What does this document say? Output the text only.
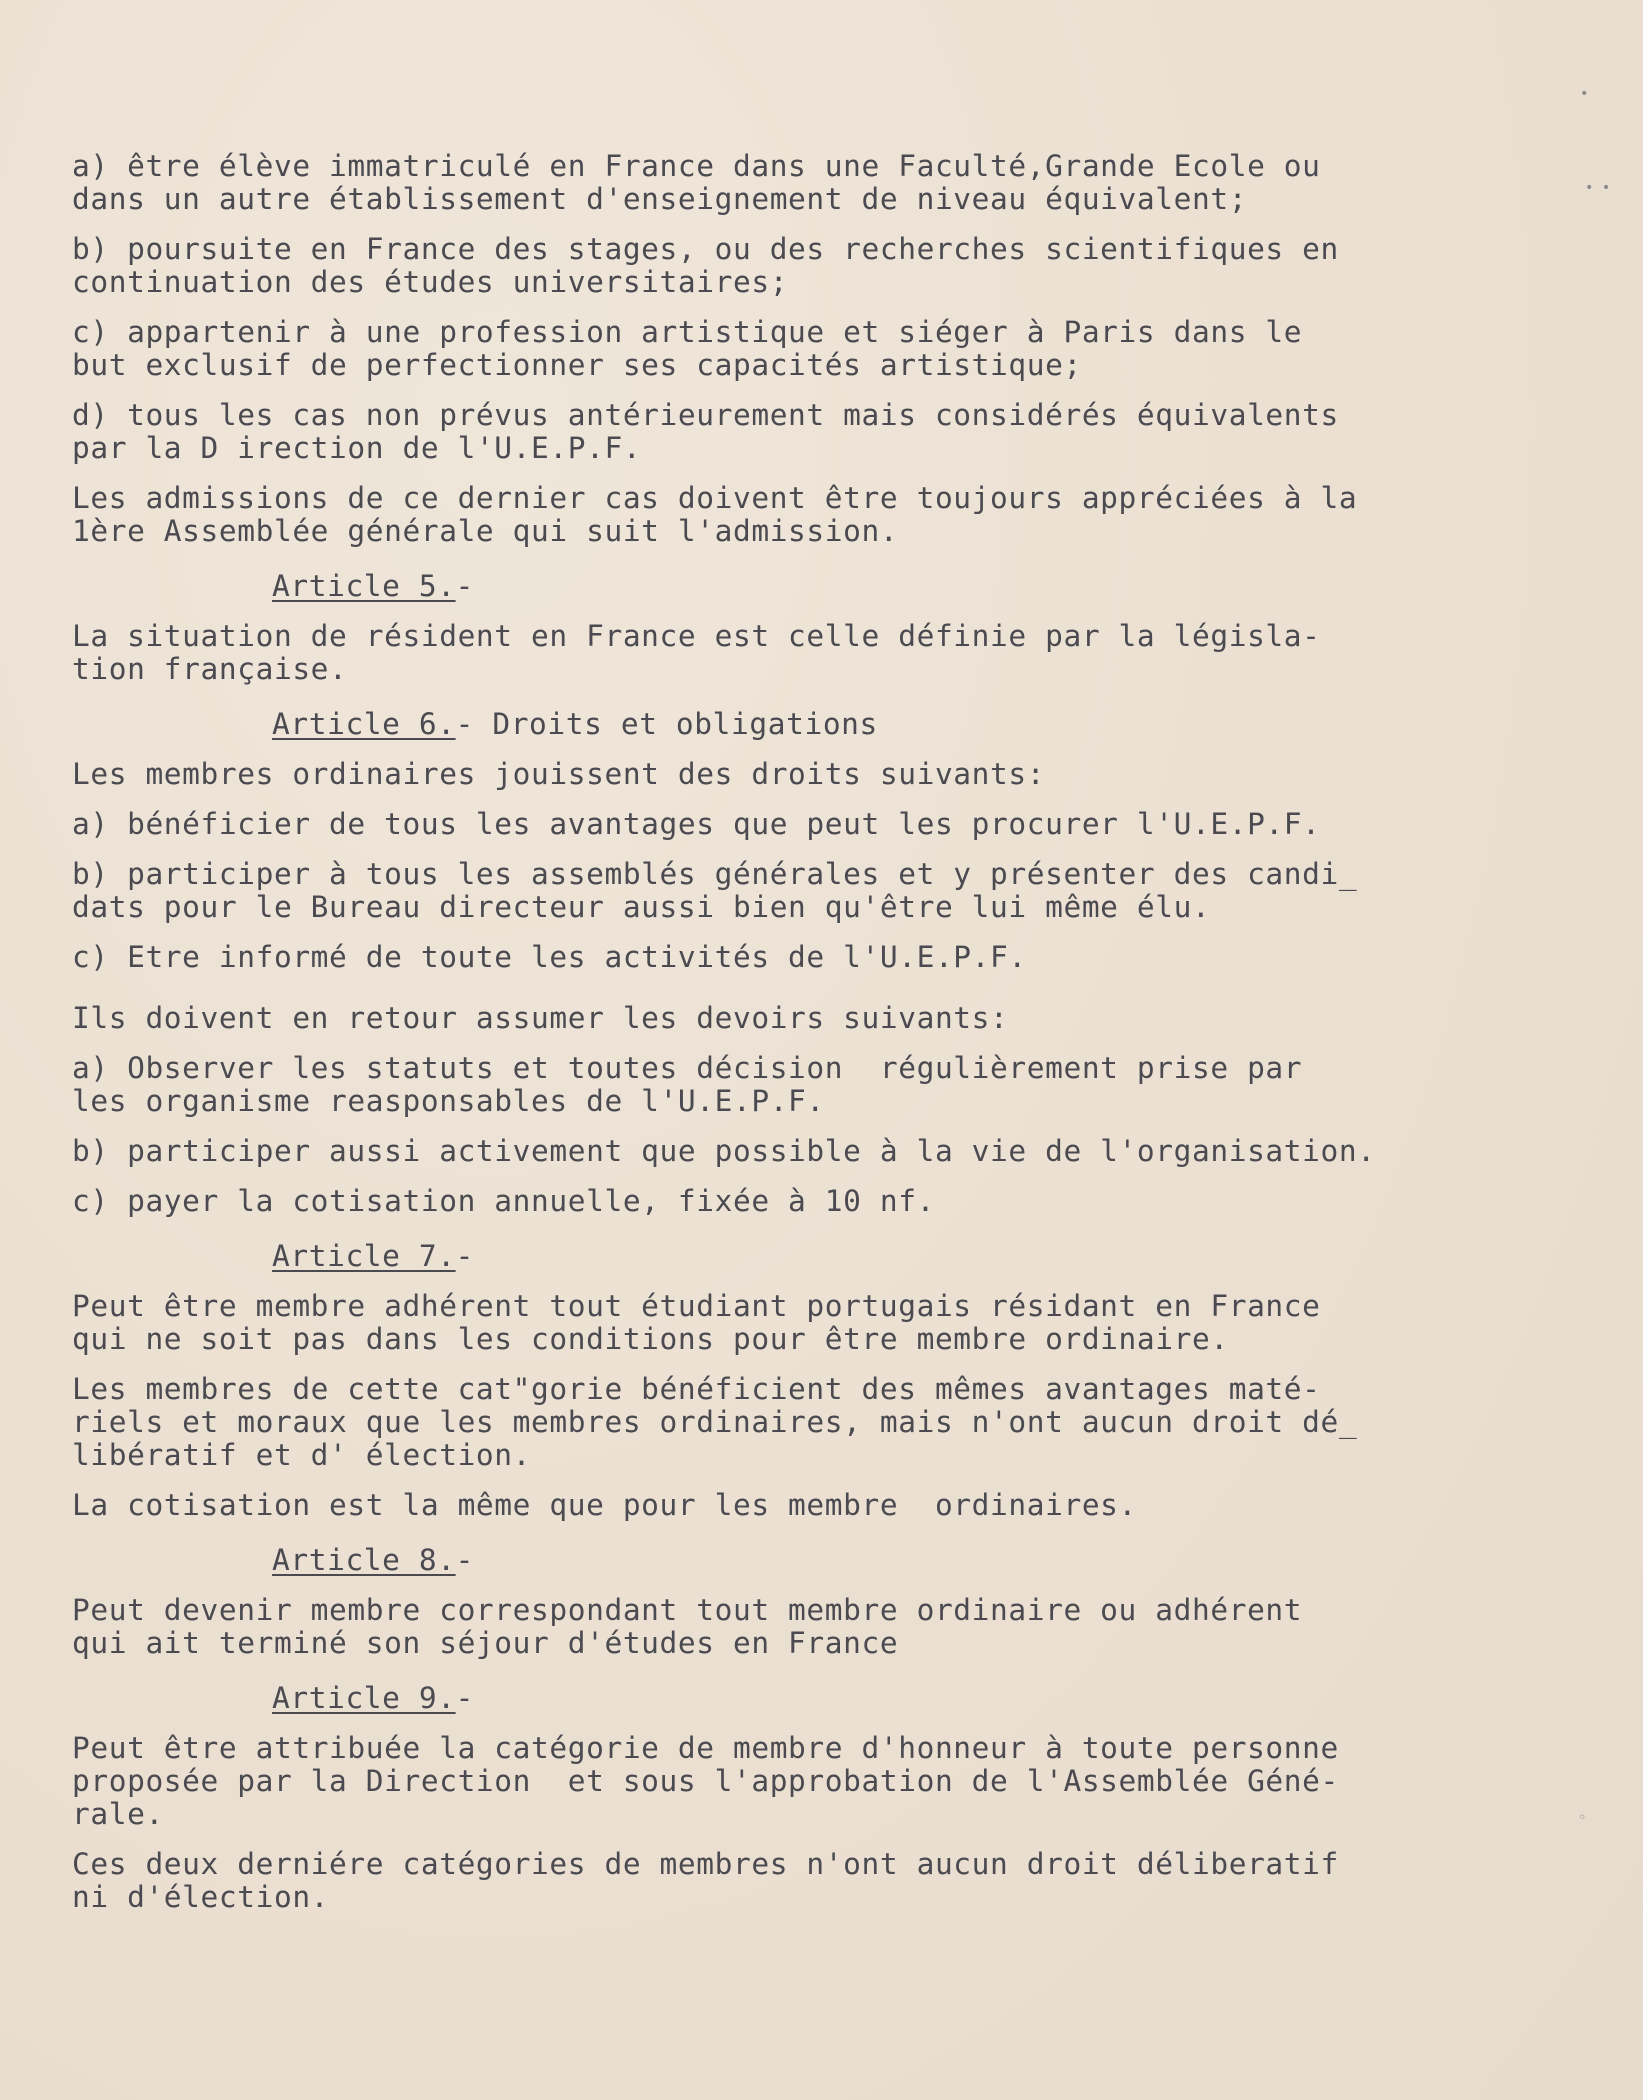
a) être élève immatriculé en France dans une Faculté,Grande Ecole ou
dans un autre établissement d'enseignement de niveau équivalent;

b) poursuite en France des stages, ou des recherches scientifiques en
continuation des études universitaires;

c) appartenir à une profession artistique et siéger à Paris dans le
but exclusif de perfectionner ses capacités artistique;

d) tous les cas non prévus antérieurement mais considérés équivalents
par la D irection de l'U.E.P.F.

Les admissions de ce dernier cas doivent être toujours appréciées à la
1ère Assemblée générale qui suit l'admission.

Article 5.-

La situation de résident en France est celle définie par la législa-
tion française.

Article 6.- Droits et obligations

Les membres ordinaires jouissent des droits suivants:

a) bénéficier de tous les avantages que peut les procurer l'U.E.P.F.

b) participer à tous les assemblés générales et y présenter des candi_
dats pour le Bureau directeur aussi bien qu'être lui même élu.

c) Etre informé de toute les activités de l'U.E.P.F.

Ils doivent en retour assumer les devoirs suivants:

a) Observer les statuts et toutes décision  régulièrement prise par
les organisme reasponsables de l'U.E.P.F.

b) participer aussi activement que possible à la vie de l'organisation.

c) payer la cotisation annuelle, fixée à 10 nf.

Article 7.-

Peut être membre adhérent tout étudiant portugais résidant en France
qui ne soit pas dans les conditions pour être membre ordinaire.

Les membres de cette cat"gorie bénéficient des mêmes avantages maté-
riels et moraux que les membres ordinaires, mais n'ont aucun droit dé_
libératif et d' élection.

La cotisation est la même que pour les membre  ordinaires.

Article 8.-

Peut devenir membre correspondant tout membre ordinaire ou adhérent
qui ait terminé son séjour d'études en France

Article 9.-

Peut être attribuée la catégorie de membre d'honneur à toute personne
proposée par la Direction  et sous l'approbation de l'Assemblée Géné-
rale.

Ces deux derniére catégories de membres n'ont aucun droit déliberatif
ni d'élection.

•
• •
◦
